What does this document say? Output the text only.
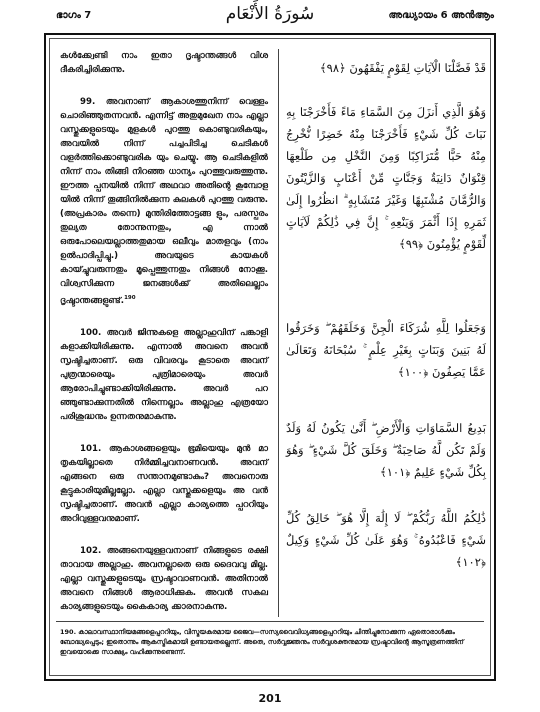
ഭാഗം 7	سُورَةُ الأَنْعَام	അദ്ധ്യായം 6 അൻആം

കൾക്ക്വേണ്ടി നാം ഇതാ ദൃഷ്ടാന്തങ്ങൾ വിശ ദീകരിച്ചിരിക്കുന്നു.

99. അവനാണ് ആകാശത്തുനിന്ന് വെള്ളം ചൊരിഞ്ഞുതന്നവൻ. എന്നിട്ട് അതുമുഖേന നാം എല്ലാ വസ്തുക്കളുടെയും മുളകൾ പുറത്തു കൊണ്ടുവരികയും, അവയിൽ നിന്ന് പച്ചപിടിച്ച ചെടികൾ വളർത്തിക്കൊണ്ടുവരിക യും ചെയ്യു. ആ ചെടികളിൽ നിന്ന് നാം തിങ്ങി നിറഞ്ഞ ധാന്യം പുറത്തുവരുത്തുന്നു. ഈത്ത പ്പനയിൽ നിന്ന് അഥവാ അതിന്റെ കൂമ്പോള യിൽ നിന്ന് തൂങ്ങിനിൽക്കുന്ന കുലകൾ പുറത്തു വരുന്നു. (അപ്രകാരം തന്നെ) മുന്തിരിത്തോട്ടങ്ങ ളും, പരസ്പരം തുല്യത തോന്നുന്നതും, എ ന്നാൽ ഒരുപോലെയല്ലാത്തതുമായ ഒലീവും മാതളവും (നാം ഉൽപാദിപ്പിച്ചു.) അവയുടെ കായകൾ കായ്ച്ചുവരുന്നതും മൂപ്പെത്തുന്നതും നിങ്ങൾ നോക്കൂ. വിശ്വസിക്കുന്ന ജനങ്ങൾക്ക് അതിലെല്ലാം ദൃഷ്ടാന്തങ്ങളുണ്ട്.$^{190}$

100. അവർ ജിന്നുകളെ അല്ലാഹുവിന് പങ്കാളി കളാക്കിയിരിക്കുന്നു. എന്നാൽ അവനെ അവൻ സൃഷ്ടിച്ചതാണ്. ഒരു വിവരവും കൂടാതെ അവന് പുത്രന്മാരെയും പുത്രിമാരെയും അവർ ആരോപിച്ചുണ്ടാക്കിയിരിക്കുന്നു. അവർ പറ ഞ്ഞുണ്ടാക്കുന്നതിൽ നിന്നെല്ലാം അല്ലാഹു എത്രയോ പരിശുദ്ധനും ഉന്നതനുമാകുന്നു.

101. ആകാശങ്ങളെയും ഭൂമിയെയും മുൻ മാ തൃകയില്ലാതെ നിർമ്മിച്ചവനാണവൻ. അവന് എങ്ങനെ ഒരു സന്താനമുണ്ടാകും? അവനൊരു കൂട്ടുകാരിയുമില്ലല്ലോ. എല്ലാ വസ്തുക്കളെയും അ വൻ സൃഷ്ടിച്ചതാണ്. അവൻ എല്ലാ കാര്യത്തെ പ്പററിയും അറിവുള്ളവനുമാണ്.

102. അങ്ങനെയുള്ളവനാണ് നിങ്ങളുടെ രക്ഷി താവായ അല്ലാഹു. അവനല്ലാതെ ഒരു ദൈവവു മില്ല. എല്ലാ വസ്തുക്കളുടെയും സ്രഷ്ടാവാണവൻ. അതിനാൽ അവനെ നിങ്ങൾ ആരാധിക്കുക. അവൻ സകല കാര്യങ്ങളുടെയും കൈകാര്യ ക്കാരനാകുന്നു.

قَدْ فَصَّلْنَا الْآيَاتِ لِقَوْمٍ يَفْقَهُونَ ﴿٩٨﴾
وَهُوَ الَّذِي أَنزَلَ مِنَ السَّمَاءِ مَاءً فَأَخْرَجْنَا بِهِ نَبَاتَ كُلِّ شَيْءٍ فَأَخْرَجْنَا مِنْهُ خَضِرًا نُّخْرِجُ مِنْهُ حَبًّا مُّتَرَاكِبًا وَمِنَ النَّخْلِ مِن طَلْعِهَا قِنْوَانٌ دَانِيَةٌ وَجَنَّاتٍ مِّنْ أَعْنَابٍ وَالزَّيْتُونَ وَالرُّمَّانَ مُشْتَبِهًا وَغَيْرَ مُتَشَابِهٍ ۗ انظُرُوا إِلَىٰ ثَمَرِهِ إِذَا أَثْمَرَ وَيَنْعِهِ ۚ إِنَّ فِي ذَٰلِكُمْ لَآيَاتٍ لِّقَوْمٍ يُؤْمِنُونَ ﴿٩٩﴾
وَجَعَلُوا لِلَّهِ شُرَكَاءَ الْجِنَّ وَخَلَقَهُمْ ۖ وَخَرَقُوا لَهُ بَنِينَ وَبَنَاتٍ بِغَيْرِ عِلْمٍ ۚ سُبْحَانَهُ وَتَعَالَىٰ عَمَّا يَصِفُونَ ﴿١٠٠﴾
بَدِيعُ السَّمَاوَاتِ وَالْأَرْضِ ۖ أَنَّىٰ يَكُونُ لَهُ وَلَدٌ وَلَمْ تَكُن لَّهُ صَاحِبَةٌ ۖ وَخَلَقَ كُلَّ شَيْءٍ ۖ وَهُوَ بِكُلِّ شَيْءٍ عَلِيمٌ ﴿١٠١﴾
ذَٰلِكُمُ اللَّهُ رَبُّكُمْ ۖ لَا إِلَٰهَ إِلَّا هُوَ ۖ خَالِقُ كُلِّ شَيْءٍ فَاعْبُدُوهُ ۚ وَهُوَ عَلَىٰ كُلِّ شَيْءٍ وَكِيلٌ ﴿١٠٢﴾
190. കാലാവസ്ഥാനിയമങ്ങളെപ്പററിയും, വിസ്മയകരമായ ജൈവ—സസ്യവൈവിധ്യങ്ങളെപ്പററിയും ചിന്തിച്ചുനോക്കുന്ന ഏതൊരാൾക്കും ബോദ്ധ്യപ്പെടും; ഇതൊന്നും ആകസ്മികമായി ഉണ്ടായതല്ലെന്ന്. അതെ, സർവ്വജ്ഞനും സർവ്വശക്തനുമായ സ്രഷ്ടാവിന്റെ ആസൂത്രണത്തിന് ഇവയൊക്കെ സാക്ഷ്യം വഹിക്കുന്നുണ്ടെന്ന്.
201
